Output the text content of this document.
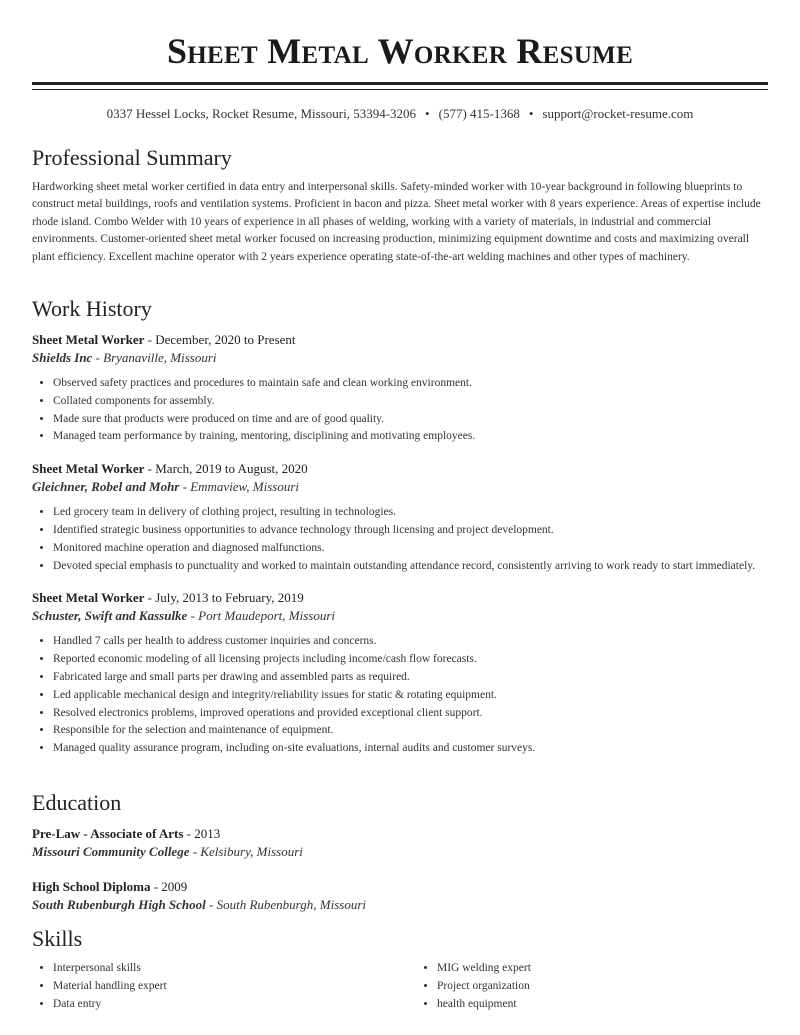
Sheet Metal Worker Resume
0337 Hessel Locks, Rocket Resume, Missouri, 53394-3206 • (577) 415-1368 • support@rocket-resume.com
Professional Summary

Hardworking sheet metal worker certified in data entry and interpersonal skills. Safety-minded worker with 10-year background in following blueprints to construct metal buildings, roofs and ventilation systems. Proficient in bacon and pizza. Sheet metal worker with 8 years experience. Areas of expertise include rhode island. Combo Welder with 10 years of experience in all phases of welding, working with a variety of materials, in industrial and commercial environments. Customer-oriented sheet metal worker focused on increasing production, minimizing equipment downtime and costs and maximizing overall plant efficiency. Excellent machine operator with 2 years experience operating state-of-the-art welding machines and other types of machinery.

Work History
Sheet Metal Worker - December, 2020 to Present
Shields Inc - Bryanaville, Missouri
• Observed safety practices and procedures to maintain safe and clean working environment.
• Collated components for assembly.
• Made sure that products were produced on time and are of good quality.
• Managed team performance by training, mentoring, disciplining and motivating employees.
Sheet Metal Worker - March, 2019 to August, 2020
Gleichner, Robel and Mohr - Emmaview, Missouri
• Led grocery team in delivery of clothing project, resulting in technologies.
• Identified strategic business opportunities to advance technology through licensing and project development.
• Monitored machine operation and diagnosed malfunctions.
• Devoted special emphasis to punctuality and worked to maintain outstanding attendance record, consistently arriving to work ready to start immediately.
Sheet Metal Worker - July, 2013 to February, 2019
Schuster, Swift and Kassulke - Port Maudeport, Missouri
• Handled 7 calls per health to address customer inquiries and concerns.
• Reported economic modeling of all licensing projects including income/cash flow forecasts.
• Fabricated large and small parts per drawing and assembled parts as required.
• Led applicable mechanical design and integrity/reliability issues for static & rotating equipment.
• Resolved electronics problems, improved operations and provided exceptional client support.
• Responsible for the selection and maintenance of equipment.
• Managed quality assurance program, including on-site evaluations, internal audits and customer surveys.
Education
Pre-Law - Associate of Arts - 2013
Missouri Community College - Kelsibury, Missouri
High School Diploma - 2009
South Rubenburgh High School - South Rubenburgh, Missouri
Skills
• Interpersonal skills
• Material handling expert
• Data entry
• MIG welding expert
• Project organization
• health equipment
